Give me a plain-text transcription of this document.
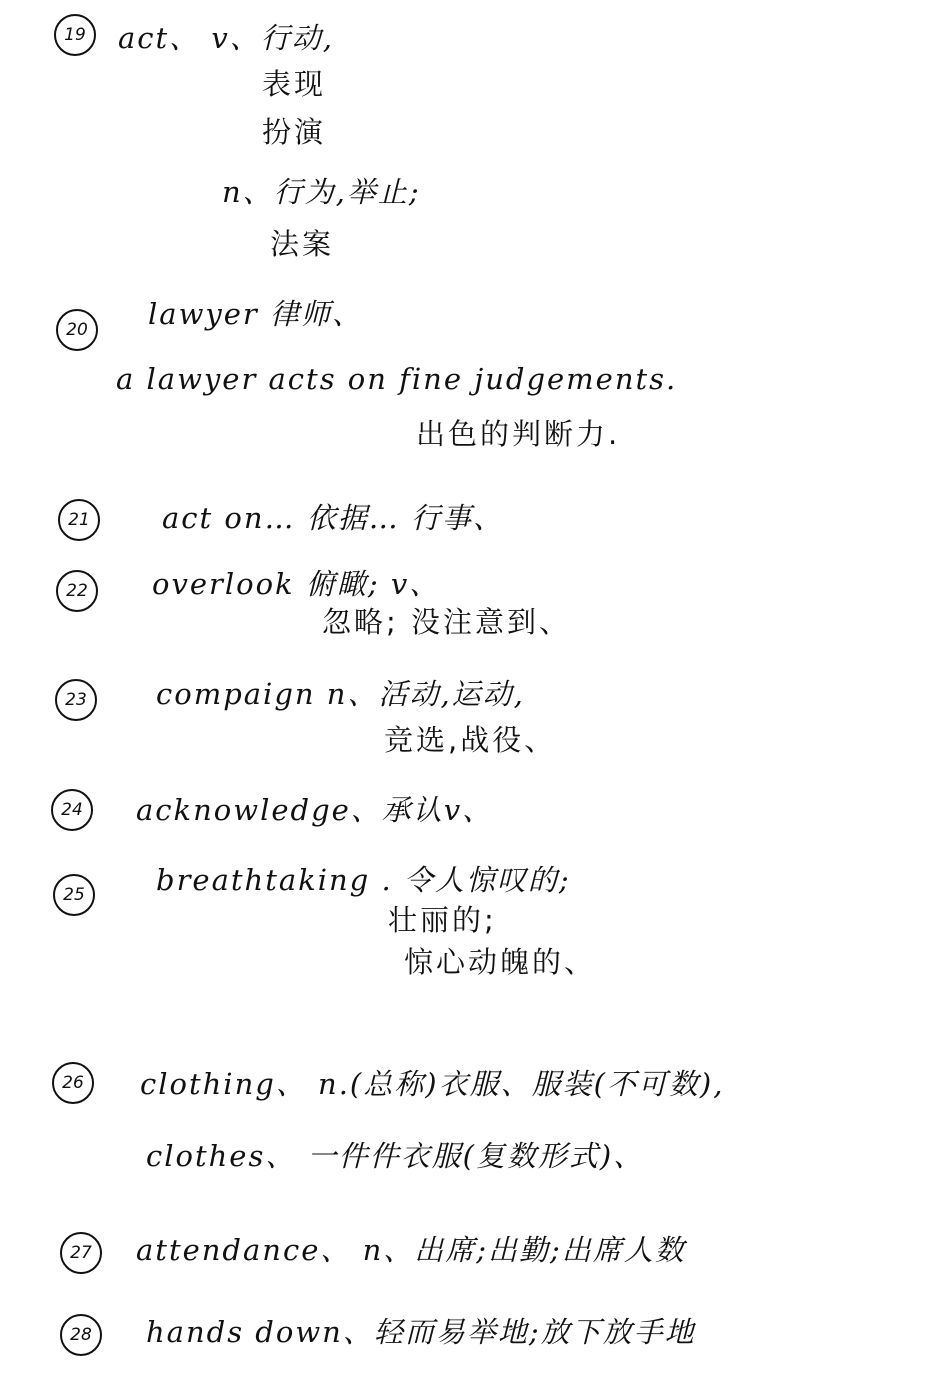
19	act、 v、行动,
表现
扮演
n、行为,举止;
法案
20	lawyer 律师、
a lawyer acts on fine judgements.
出色的判断力.
21	act on… 依据… 行事、
22	overlook 俯瞰; v、
忽略; 没注意到、
23	compaign n、活动,运动,
竞选,战役、
24	acknowledge、承认v、
25	breathtaking . 令人惊叹的;
壮丽的;
惊心动魄的、
26	clothing、 n.(总称)衣服、服装(不可数),
clothes、 一件件衣服(复数形式)、
27	attendance、 n、出席;出勤;出席人数
28	hands down、轻而易举地;放下放手地
